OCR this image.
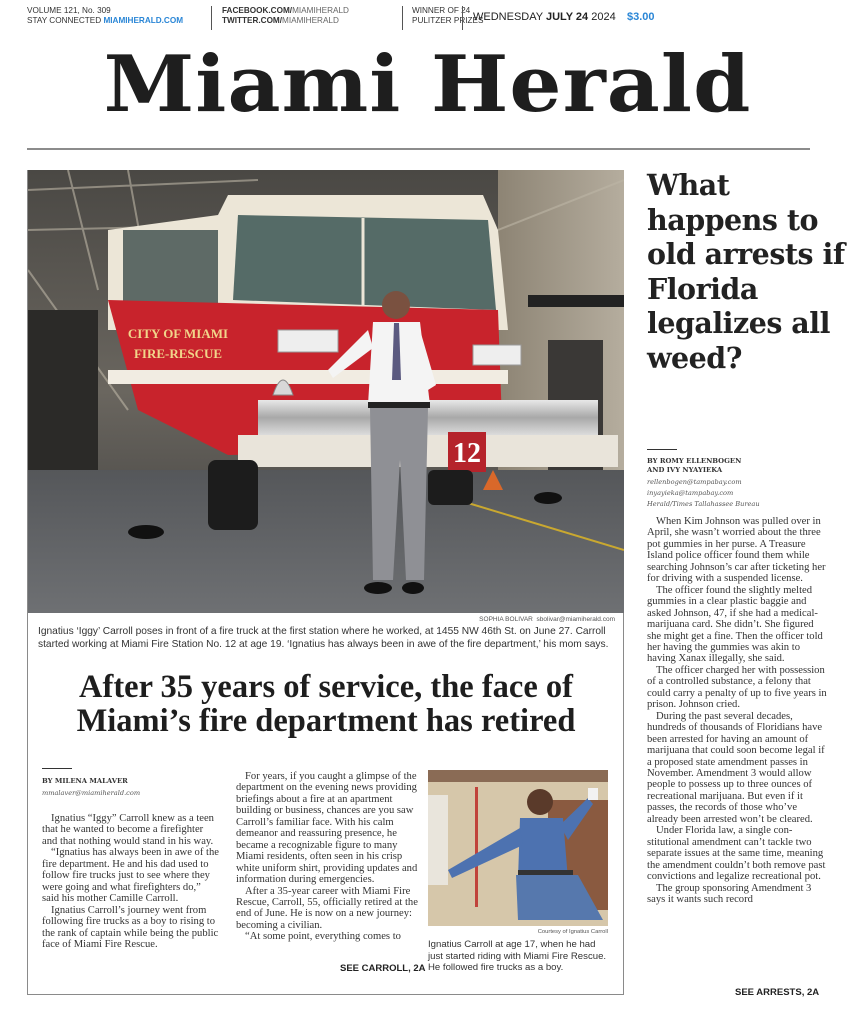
VOLUME 121, No. 309
STAY CONNECTED MIAMIHERALD.COM
FACEBOOK.COM/MIAMIHERALD
TWITTER.COM/MIAMIHERALD
WINNER OF 24
PULITZER PRIZES
WEDNESDAY JULY 24 2024 $3.00
Miami Herald
12
CITY OF MIAMI
FIRE-RESCUE
SOPHIA BOLIVAR sbolivar@miamiherald.com
Ignatius ‘Iggy’ Carroll poses in front of a fire truck at the first station where he worked, at 1455 NW 46th St. on June 27. Carroll started working at Miami Fire Station No. 12 at age 19. ‘Ignatius has always been in awe of the fire department,’ his mom says.
After 35 years of service, the face of
Miami’s fire department has retired
BY MILENA MALAVER
mmalaver@miamiherald.com

Ignatius “Iggy” Carroll knew as a teen that he wanted to become a firefighter and that nothing would stand in his way.

“Ignatius has always been in awe of the fire department. He and his dad used to follow fire trucks just to see where they were going and what firefighters do,” said his mother Camille Carroll.

Ignatius Carroll’s journey went from following fire trucks as a boy to rising to the rank of captain while being the public face of Miami Fire Rescue.

For years, if you caught a glimpse of the department on the evening news providing briefings about a fire at an apartment building or business, chances are you saw Carroll’s familiar face. With his calm demeanor and reassuring presence, he became a recognizable figure to many Miami residents, often seen in his crisp white uniform shirt, providing updates and information during emergencies.

After a 35-year career with Miami Fire Rescue, Carroll, 55, officially retired at the end of June. He is now on a new journey: becoming a civilian.

“At some point, everything comes to

SEE CARROLL, 2A
Courtesy of Ignatius Carroll
Ignatius Carroll at age 17, when he had just started riding with Miami Fire Rescue. He followed fire trucks as a boy.
What happens to old arrests if Florida legalizes all weed?
BY ROMY ELLENBOGEN
AND IVY NYAYIEKA
rellenbogen@tampabay.com
inyayieka@tampabay.com
Herald/Times Tallahassee Bureau

When Kim Johnson was pulled over in April, she wasn’t worried about the three pot gummies in her purse. A Treasure Island police officer found them while searching Johnson’s car after ticketing her for driving with a suspended license.

The officer found the slightly melted gummies in a clear plastic baggie and asked Johnson, 47, if she had a medical-marijuana card. She didn’t. She figured she might get a fine. Then the officer told her having the gummies was akin to having Xanax illegally, she said.

The officer charged her with possession of a controlled substance, a felony that could carry a penalty of up to five years in prison. Johnson cried.

During the past several decades, hundreds of thousands of Floridians have been arrested for having an amount of marijuana that could soon become legal if a proposed state amendment passes in November. Amendment 3 would allow people to possess up to three ounces of recreational marijuana. But even if it passes, the records of those who’ve already been arrested won’t be cleared.

Under Florida law, a single constitutional amendment can’t tackle two separate issues at the same time, meaning the amendment couldn’t both remove past convictions and legalize recreational pot.

The group sponsoring Amendment 3 says it wants such record

SEE ARRESTS, 2A
